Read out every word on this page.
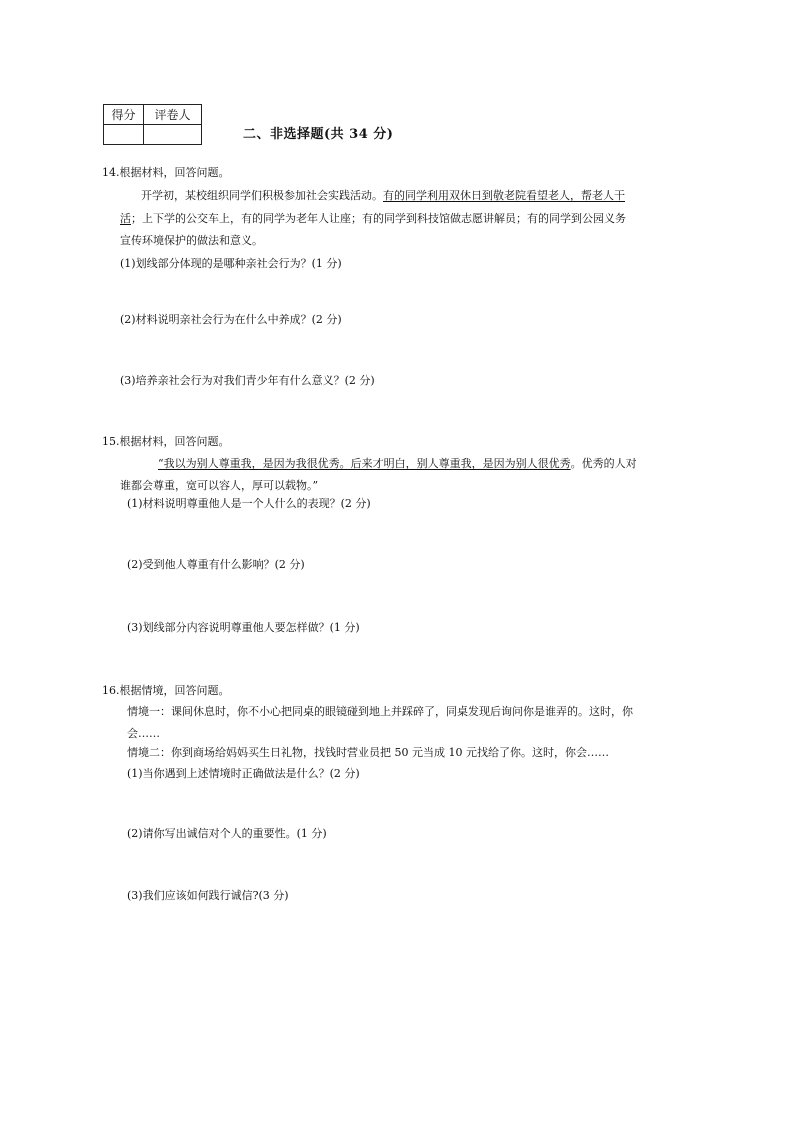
得分	评卷人

二、非选择题(共 34 分)
14.根据材料，回答问题。
开学初，某校组织同学们积极参加社会实践活动。有的同学利用双休日到敬老院看望老人，帮老人干
活；上下学的公交车上，有的同学为老年人让座；有的同学到科技馆做志愿讲解员；有的同学到公园义务
宣传环境保护的做法和意义。
(1)划线部分体现的是哪种亲社会行为？(1 分)
(2)材料说明亲社会行为在什么中养成？(2 分)
(3)培养亲社会行为对我们青少年有什么意义？(2 分)
15.根据材料，回答问题。
“我以为别人尊重我，是因为我很优秀。后来才明白，别人尊重我，是因为别人很优秀。优秀的人对
谁都会尊重，宽可以容人，厚可以载物。”
(1)材料说明尊重他人是一个人什么的表现？(2 分)
(2)受到他人尊重有什么影响？(2 分)
(3)划线部分内容说明尊重他人要怎样做？(1 分)
16.根据情境，回答问题。
情境一：课间休息时，你不小心把同桌的眼镜碰到地上并踩碎了，同桌发现后询问你是谁弄的。这时，你
会……
情境二：你到商场给妈妈买生日礼物，找钱时营业员把 50 元当成 10 元找给了你。这时，你会……
(1)当你遇到上述情境时正确做法是什么？(2 分)
(2)请你写出诚信对个人的重要性。(1 分)
(3)我们应该如何践行诚信?(3 分)
